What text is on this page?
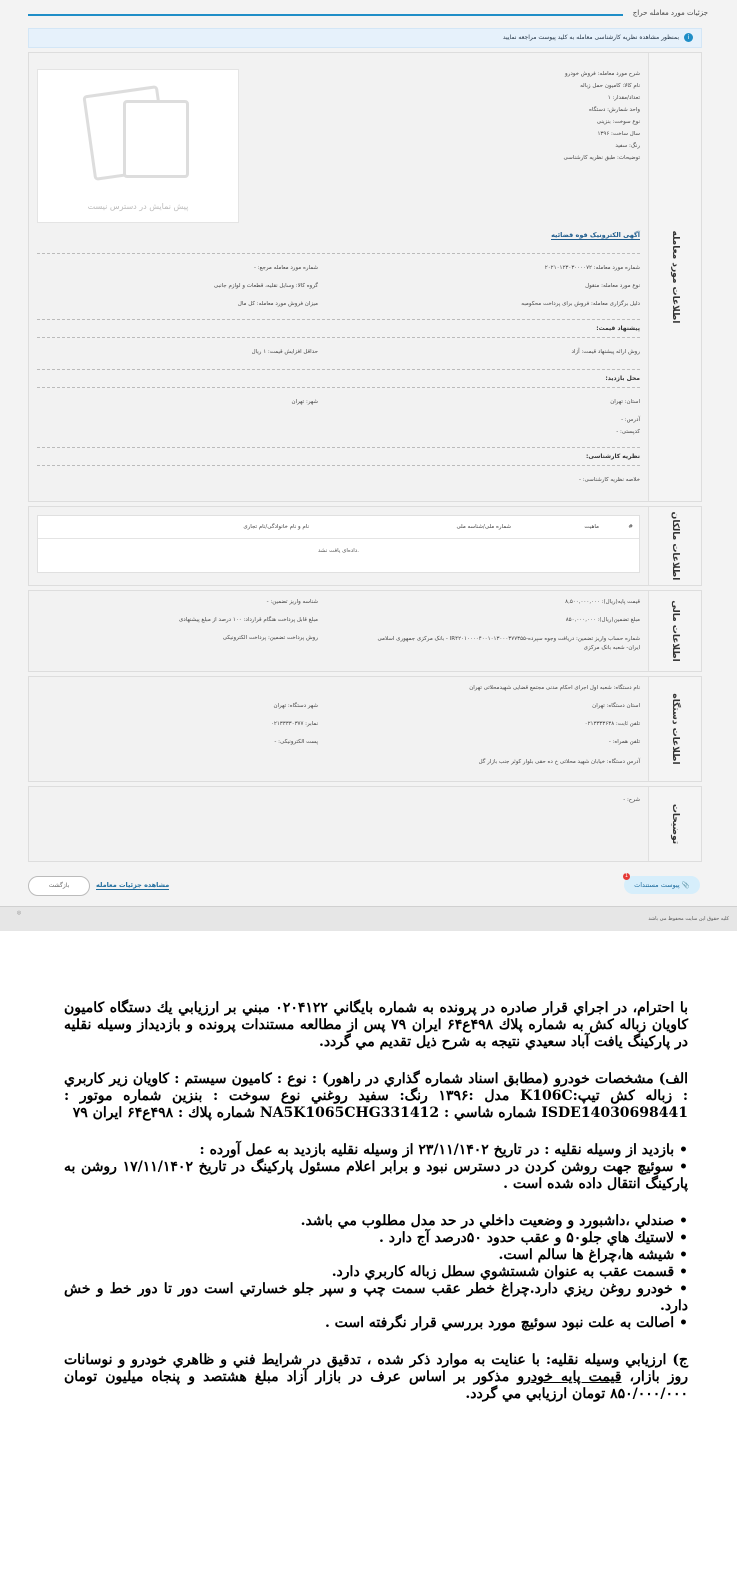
جزئیات مورد معامله حراج
i
بمنظور مشاهده نظریه کارشناسی معامله به کلید پیوست مراجعه نمایید
اطلاعات مورد معامله
پیش نمایش در دسترس نیست
شرح مورد معامله: فروش خودرو
نام کالا: کامیون حمل زباله
تعداد/مقدار: ۱
واحد شمارش: دستگاه
نوع سوخت: بنزینی
سال ساخت: ۱۳۹۶
رنگ: سفید
توضیحات: طبق نظریه کارشناسی
آگهی الکترونیک قوه قضائیه
شماره مورد معامله: ۲۰۲۱۰۱۲۳۰۳۰۰۰۰۷۲
شماره مورد معامله مرجع: -
نوع مورد معامله: منقول
گروه کالا: وسایل نقلیه، قطعات و لوازم جانبی
دلیل برگزاری معامله: فروش برای پرداخت محکومبه
میزان فروش مورد معامله: کل مال
پیشنهاد قیمت:
روش ارائه پیشنهاد قیمت: آزاد
حداقل افزایش قیمت: ۱ ریال
محل بازدید:
استان: تهران
شهر: تهران
آدرس: -
کدپستی: -
نظریه کارشناسی:
خلاصه نظریه کارشناسی: -
اطلاعات مالکان
#
ماهیت
شماره ملی/شناسه ملی
نام و نام خانوادگی/نام تجاری
داده‌ای یافت نشد.
اطلاعات مالی
قیمت پایه(ریال): ۸,۵۰۰,۰۰۰,۰۰۰
شناسه واریز تضمین: -
مبلغ تضمین(ریال): ۸۵۰,۰۰۰,۰۰۰
مبلغ قابل پرداخت هنگام قرارداد: ۱۰۰ درصد از مبلغ پیشنهادی
شماره حساب واریز تضمین: دریافت وجوه سپرده-IR۴۲۰۱۰۰۰۰۴۰۰۱۰۱۳۰۰۰۳۷۷۳۵۵ - بانک مرکزی جمهوری اسلامی ایران- شعبه بانک مرکزی
روش پرداخت تضمین: پرداخت الکترونیکی
اطلاعات دستگاه
نام دستگاه: شعبه اول اجرای احکام مدنی مجتمع قضایی شهیدمحلاتی تهران
استان دستگاه: تهران
شهر دستگاه: تهران
تلفن ثابت: ۰۲۱۳۳۳۳۶۳۸
نمابر: ۰۲۱۳۳۳۳۰۳۷۷
تلفن همراه: -
پست الکترونیکی: -
آدرس دستگاه: خیابان شهید محلاتی خ ده حقی بلوار کوثر جنب بازار گل
توضیحات
شرح: -
1
📎 پیوست مستندات
بازگشت	مشاهده جزئیات معامله
◎
کلیه حقوق این سایت محفوظ می باشد

با احترام، در اجراي قرار صادره در پرونده به شماره بايگاني ۰۲۰۴۱۲۲ مبني بر ارزيابي يك دستگاه كاميون كاويان زباله كش به شماره پلاك ۴۹۸ع۶۴ ايران ۷۹ پس از مطالعه مستندات پرونده و بازديداز وسيله نقليه در پاركينگ يافت آباد سعيدي نتيجه به شرح ذيل تقديم مي گردد.

الف) مشخصات خودرو (مطابق اسناد شماره گذاري در راهور) : نوع : كاميون سيستم : كاويان زير كاربري : زباله كش تيپ:K106C مدل :۱۳۹۶ رنگ: سفيد روغني نوع سوخت : بنزين شماره موتور : ISDE14030698441 شماره شاسي : NA5K1065CHG331412 شماره پلاك : ۴۹۸ع۶۴ ايران ۷۹

• بازديد از وسيله نقليه : در تاريخ ۲۳/۱۱/۱۴۰۲ از وسيله نقليه بازديد به عمل آورده :
• سوئيچ جهت روشن كردن در دسترس نبود و برابر اعلام مسئول پاركينگ در تاريخ ۱۷/۱۱/۱۴۰۲ روشن به پاركينگ انتقال داده شده است .
• صندلي ،داشبورد و وضعيت داخلي در حد مدل مطلوب مي باشد.
• لاستيك هاي جلو۵۰ و عقب حدود ۵۰درصد آج دارد .
• شيشه ها،چراغ ها سالم است.
• قسمت عقب به عنوان شستشوي سطل زباله كاربري دارد.
• خودرو روغن ريزي دارد.چراغ خطر عقب سمت چپ و سپر جلو خسارتي است دور تا دور خط و خش دارد.
• اصالت به علت نبود سوئيچ مورد بررسي قرار نگرفته است .

ج) ارزيابي وسيله نقليه: با عنايت به موارد ذكر شده ، تدقيق در شرايط فني و ظاهري خودرو و نوسانات روز بازار، قيمت پايه خودرو مذكور بر اساس عرف در بازار آزاد مبلغ هشتصد و پنجاه ميليون تومان ۸۵۰/۰۰۰/۰۰۰ تومان ارزيابي مي گردد.
